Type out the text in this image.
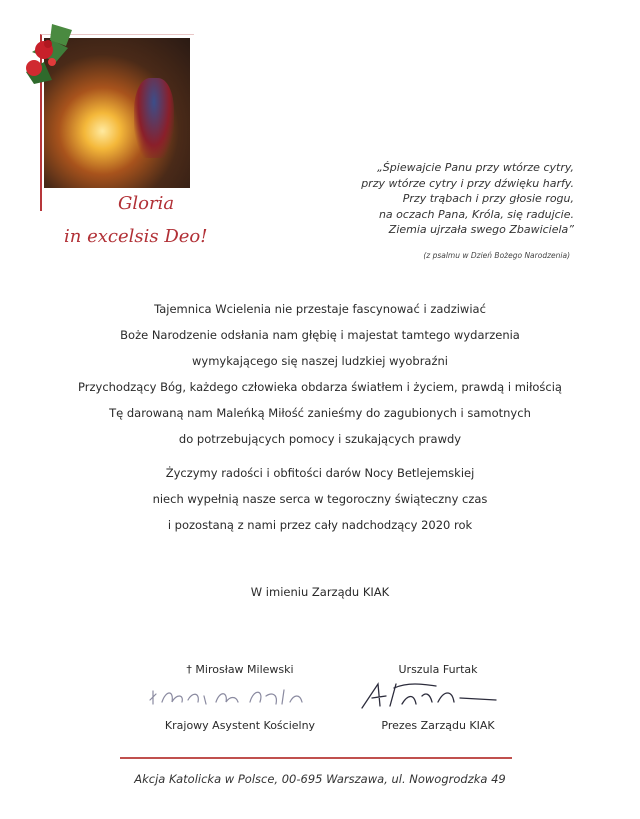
Gloria
in excelsis Deo!
„Śpiewajcie Panu przy wtórze cytry,
przy wtórze cytry i przy dźwięku harfy.
Przy trąbach i przy głosie rogu,
na oczach Pana, Króla, się radujcie.
Ziemia ujrzała swego Zbawiciela”
(z psalmu w Dzień Bożego Narodzenia)
Tajemnica Wcielenia nie przestaje fascynować i zadziwiać
Boże Narodzenie odsłania nam głębię i majestat tamtego wydarzenia
wymykającego się naszej ludzkiej wyobraźni
Przychodzący Bóg, każdego człowieka obdarza światłem i życiem, prawdą i miłością
Tę darowaną nam Maleńką Miłość zanieśmy do zagubionych i samotnych
do potrzebujących pomocy i szukających prawdy
Życzymy radości i obfitości darów Nocy Betlejemskiej
niech wypełnią nasze serca w tegoroczny świąteczny czas
i pozostaną z nami przez cały nadchodzący 2020 rok
W imieniu Zarządu KIAK
† Mirosław Milewski
Krajowy Asystent Kościelny
Urszula Furtak
Prezes Zarządu KIAK
Akcja Katolicka w Polsce, 00-695 Warszawa, ul. Nowogrodzka 49
